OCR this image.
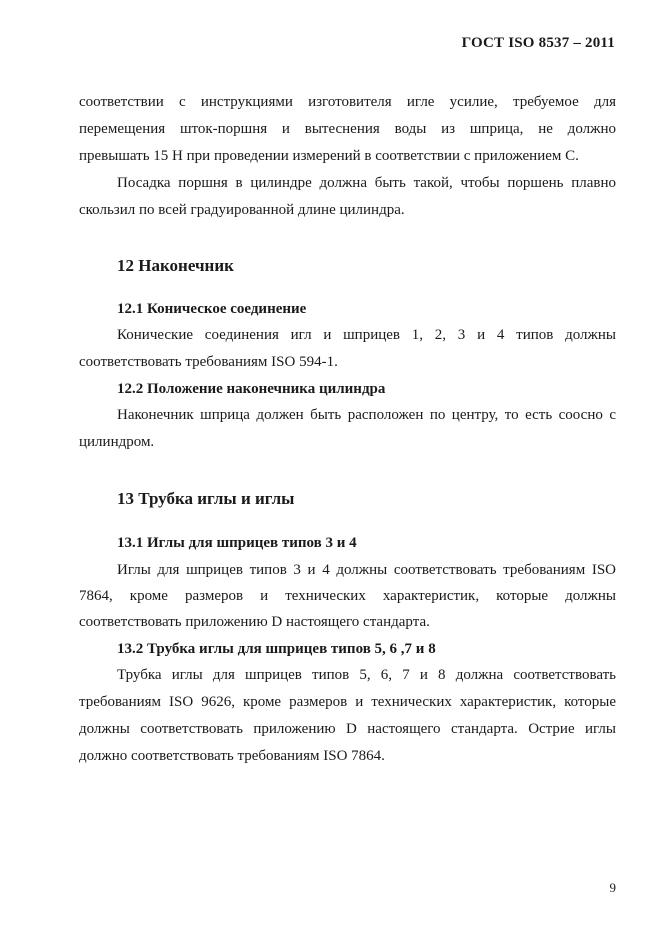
ГОСТ ISO 8537 – 2011
соответствии с инструкциями изготовителя игле усилие, требуемое для
перемещения шток-поршня и вытеснения воды из шприца, не должно
превышать 15 Н при проведении измерений в соответствии с приложением С.
Посадка поршня в цилиндре должна быть такой, чтобы поршень плавно
скользил по всей градуированной длине цилиндра.
12 Наконечник
12.1 Коническое соединение
Конические соединения игл и шприцев 1, 2, 3 и 4 типов должны
соответствовать требованиям ISO 594-1.
12.2 Положение наконечника цилиндра
Наконечник шприца должен быть расположен по центру, то есть соосно с
цилиндром.
13 Трубка иглы и иглы
13.1 Иглы для шприцев типов 3 и 4
Иглы для шприцев типов 3 и 4 должны соответствовать требованиям ISO
7864, кроме размеров и технических характеристик, которые должны
соответствовать приложению D настоящего стандарта.
13.2 Трубка иглы для шприцев типов 5, 6 ,7 и 8
Трубка иглы для шприцев типов 5, 6, 7 и 8 должна соответствовать
требованиям ISO 9626, кроме размеров и технических характеристик, которые
должны соответствовать приложению D настоящего стандарта. Острие иглы
должно соответствовать требованиям ISO 7864.
9
